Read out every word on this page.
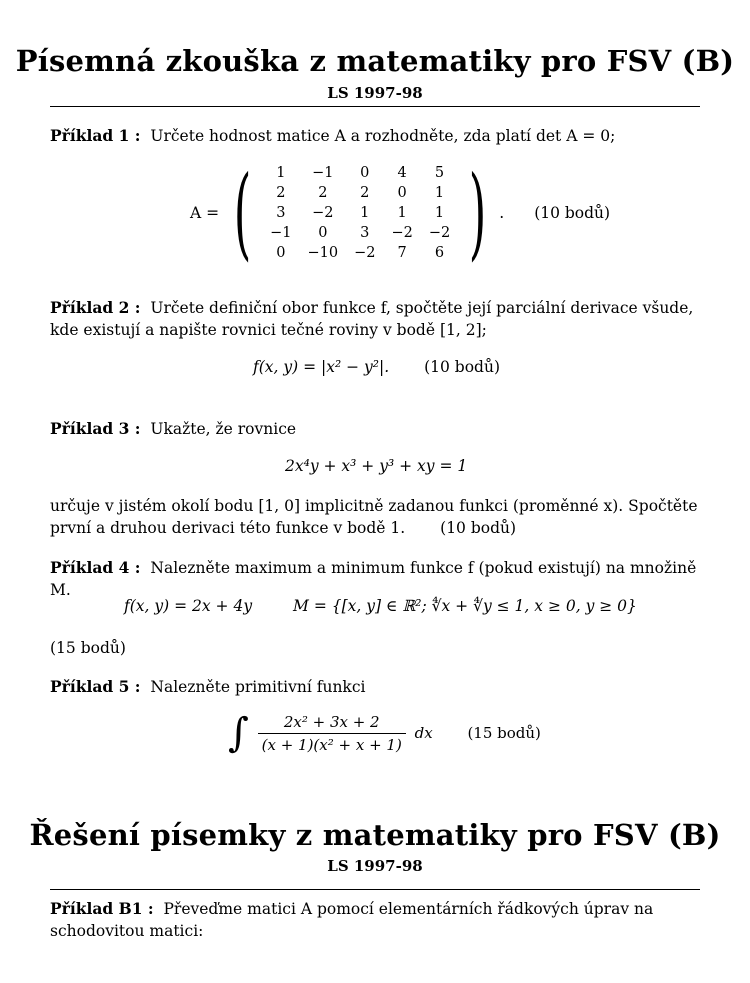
Písemná zkouška z matematiky pro FSV (B)
LS 1997-98
Příklad 1 : Určete hodnost matice A a rozhodněte, zda platí det A = 0;
A = ( 1	−1	0	4	5
2	2	2	0	1
3	−2	1	1	1
−1	0	3	−2	−2
0	−10	−2	7	6 ) . (10 bodů)
Příklad 2 : Určete definiční obor funkce f, spočtěte její parciální derivace všude, kde existují a napište rovnici tečné roviny v bodě [1, 2];
f(x, y) = |x² − y²|. (10 bodů)
Příklad 3 : Ukažte, že rovnice
2x⁴y + x³ + y³ + xy = 1
určuje v jistém okolí bodu [1, 0] implicitně zadanou funkci (proměnné x). Spočtěte první a druhou derivaci této funkce v bodě 1. (10 bodů)
Příklad 4 : Nalezněte maximum a minimum funkce f (pokud existují) na množině M.
f(x, y) = 2x + 4y	M = {[x, y] ∈ ℝ²; ∜x + ∜y ≤ 1, x ≥ 0, y ≥ 0}
(15 bodů)
Příklad 5 : Nalezněte primitivní funkci
∫ $\frac{\text{2x² + 3x + 2}}{\text{(x + 1)(x² + x + 1)}}$ dx (15 bodů)
Řešení písemky z matematiky pro FSV (B)
LS 1997-98
Příklad B1 : Převeďme matici A pomocí elementárních řádkových úprav na schodovitou matici:
